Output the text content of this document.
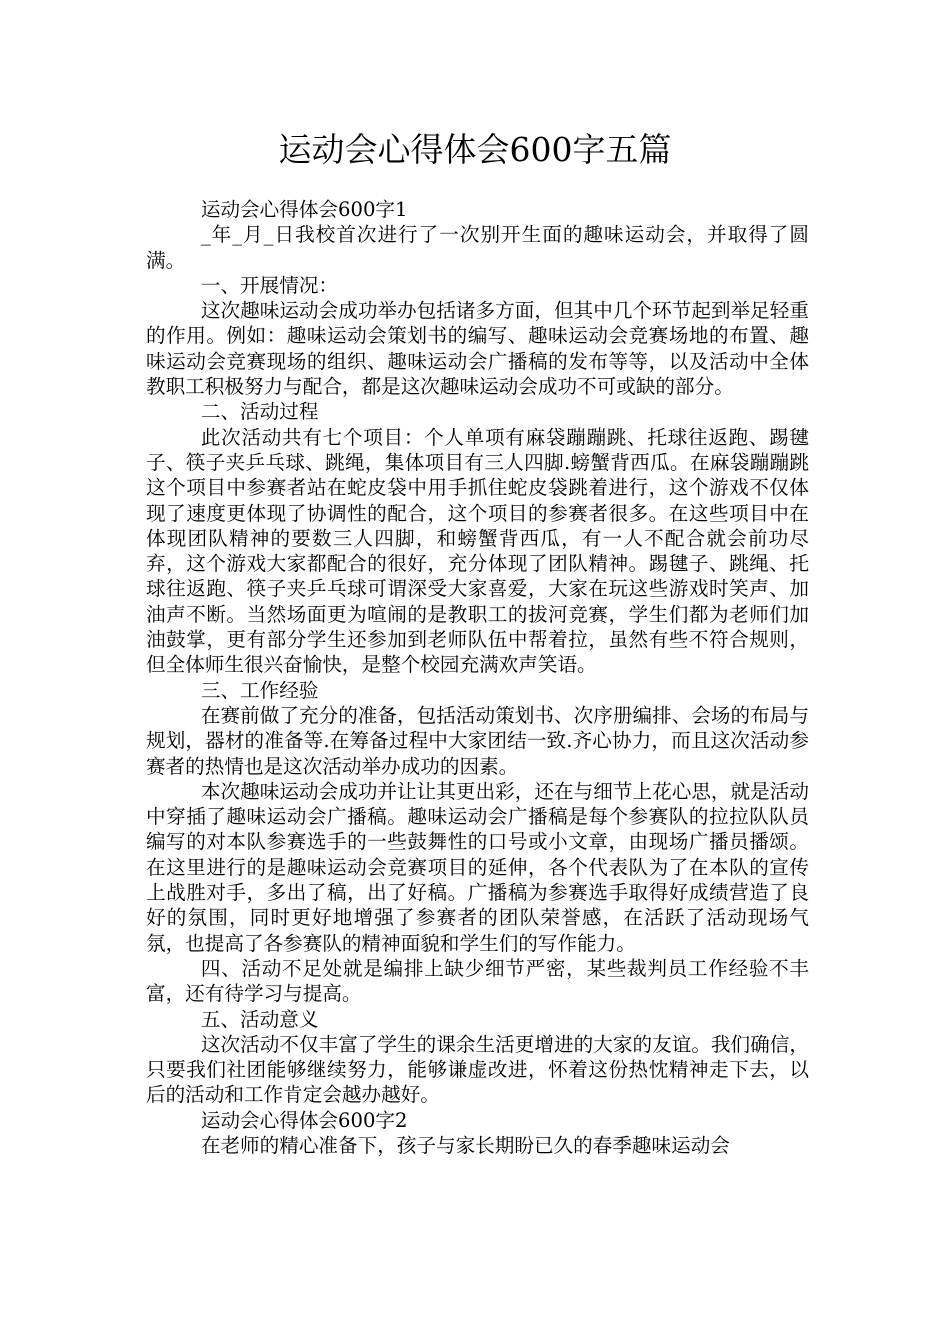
运动会心得体会600字五篇

运动会心得体会600字1

_年_月_日我校首次进行了一次别开生面的趣味运动会，并取得了圆满。

一、开展情况：

这次趣味运动会成功举办包括诸多方面，但其中几个环节起到举足轻重的作用。例如：趣味运动会策划书的编写、趣味运动会竞赛场地的布置、趣味运动会竞赛现场的组织、趣味运动会广播稿的发布等等，以及活动中全体教职工积极努力与配合，都是这次趣味运动会成功不可或缺的部分。

二、活动过程

此次活动共有七个项目：个人单项有麻袋蹦蹦跳、托球往返跑、踢毽子、筷子夹乒乓球、跳绳，集体项目有三人四脚.螃蟹背西瓜。在麻袋蹦蹦跳这个项目中参赛者站在蛇皮袋中用手抓住蛇皮袋跳着进行，这个游戏不仅体现了速度更体现了协调性的配合，这个项目的参赛者很多。在这些项目中在体现团队精神的要数三人四脚，和螃蟹背西瓜，有一人不配合就会前功尽弃，这个游戏大家都配合的很好，充分体现了团队精神。踢毽子、跳绳、托球往返跑、筷子夹乒乓球可谓深受大家喜爱，大家在玩这些游戏时笑声、加油声不断。当然场面更为喧闹的是教职工的拔河竞赛，学生们都为老师们加油鼓掌，更有部分学生还参加到老师队伍中帮着拉，虽然有些不符合规则，但全体师生很兴奋愉快，是整个校园充满欢声笑语。

三、工作经验

在赛前做了充分的准备，包括活动策划书、次序册编排、会场的布局与规划，器材的准备等.在筹备过程中大家团结一致.齐心协力，而且这次活动参赛者的热情也是这次活动举办成功的因素。

本次趣味运动会成功并让让其更出彩，还在与细节上花心思，就是活动中穿插了趣味运动会广播稿。趣味运动会广播稿是每个参赛队的拉拉队队员编写的对本队参赛选手的一些鼓舞性的口号或小文章，由现场广播员播颂。在这里进行的是趣味运动会竞赛项目的延伸，各个代表队为了在本队的宣传上战胜对手，多出了稿，出了好稿。广播稿为参赛选手取得好成绩营造了良好的氛围，同时更好地增强了参赛者的团队荣誉感，在活跃了活动现场气氛，也提高了各参赛队的精神面貌和学生们的写作能力。

四、活动不足处就是编排上缺少细节严密，某些裁判员工作经验不丰富，还有待学习与提高。

五、活动意义

这次活动不仅丰富了学生的课余生活更增进的大家的友谊。我们确信，只要我们社团能够继续努力，能够谦虚改进，怀着这份热忱精神走下去，以后的活动和工作肯定会越办越好。

运动会心得体会600字2

在老师的精心准备下，孩子与家长期盼已久的春季趣味运动会
